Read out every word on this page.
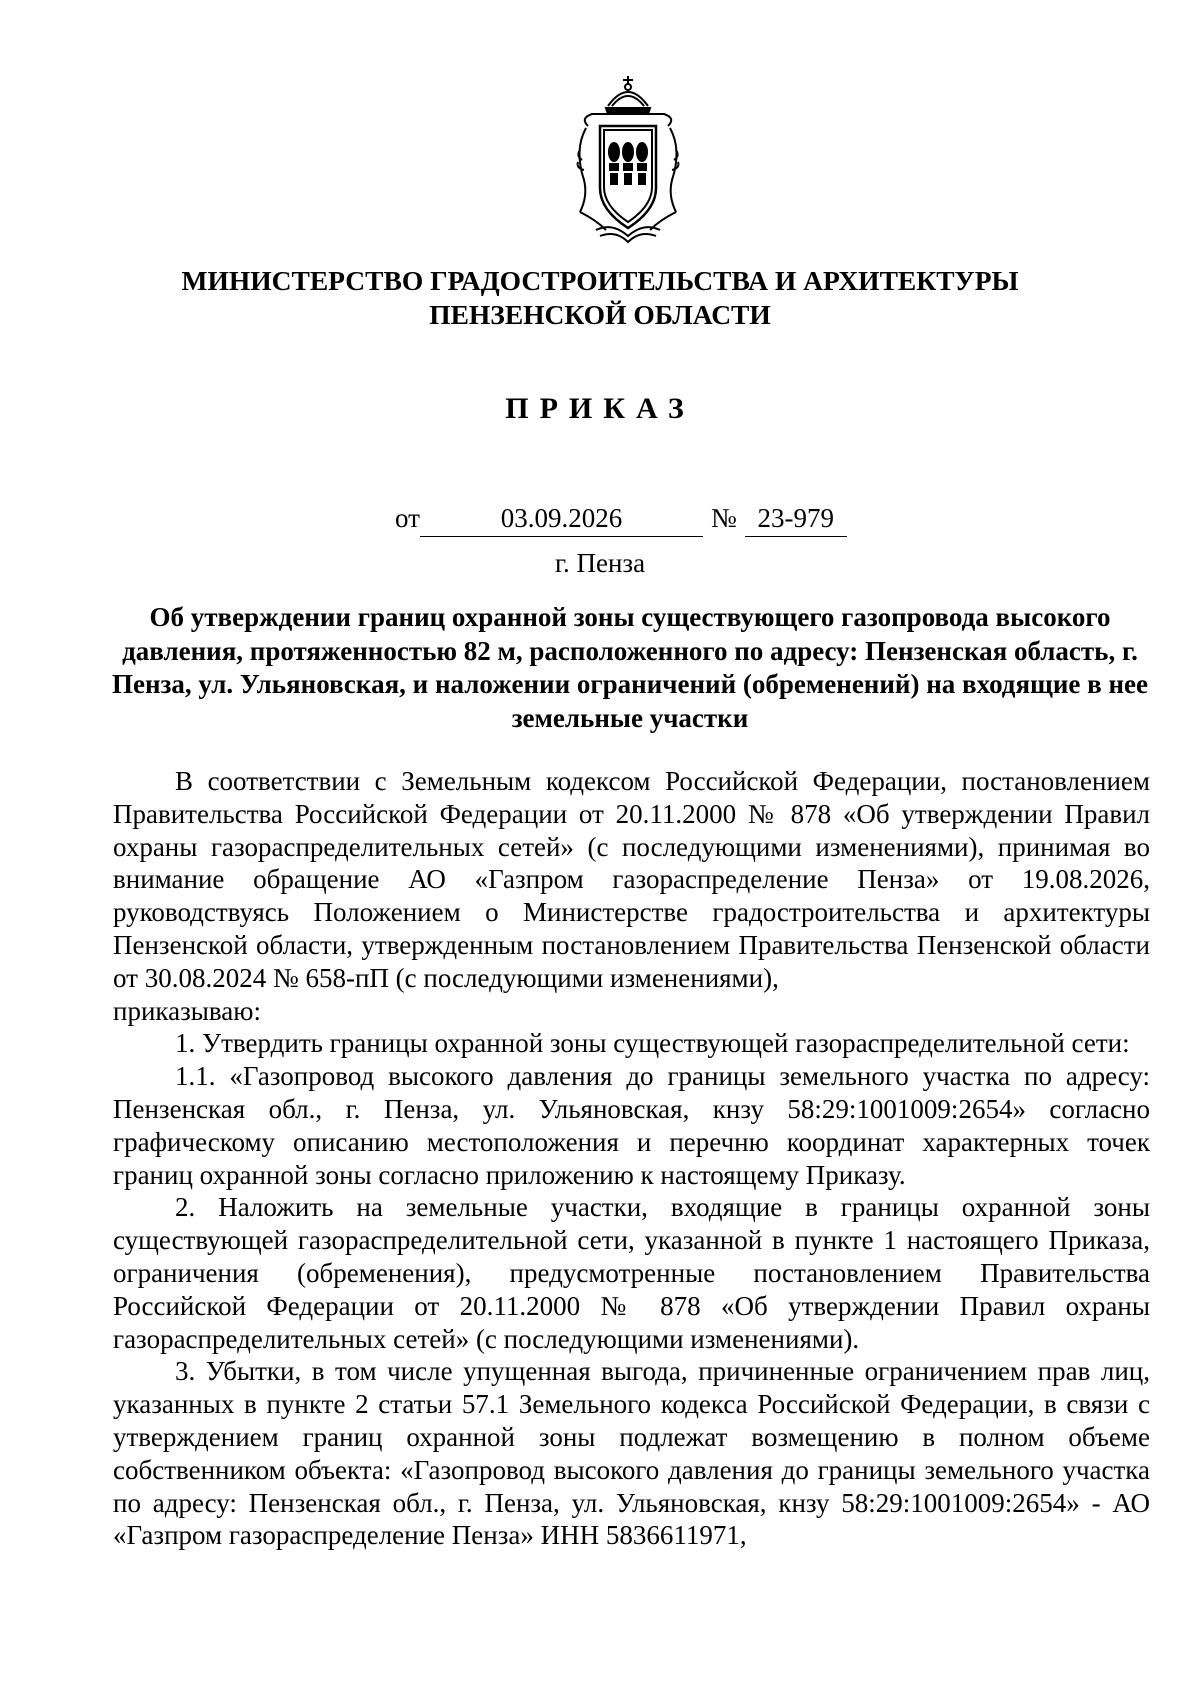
МИНИСТЕРСТВО ГРАДОСТРОИТЕЛЬСТВА И АРХИТЕКТУРЫ
ПЕНЗЕНСКОЙ ОБЛАСТИ
ПРИКАЗ
от	03.09.2026	№ 23-979
г. Пенза
Об утверждении границ охранной зоны существующего газопровода высокого давления, протяженностью 82 м, расположенного по адресу: Пензенская область, г. Пенза, ул. Ульяновская, и наложении ограничений (обременений) на входящие в нее земельные участки

В соответствии с Земельным кодексом Российской Федерации, постановлением Правительства Российской Федерации от 20.11.2000 № 878 «Об утверждении Правил охраны газораспределительных сетей» (с последующими изменениями), принимая во внимание обращение АО «Газпром газораспределение Пенза» от 19.08.2026, руководствуясь Положением о Министерстве градостроительства и архитектуры Пензенской области, утвержденным постановлением Правительства Пензенской области от 30.08.2024 № 658-пП (с последующими изменениями),

приказываю:

1. Утвердить границы охранной зоны существующей газораспределительной сети:

1.1. «Газопровод высокого давления до границы земельного участка по адресу: Пензенская обл., г. Пенза, ул. Ульяновская, кнзу 58:29:1001009:2654» согласно графическому описанию местоположения и перечню координат характерных точек границ охранной зоны согласно приложению к настоящему Приказу.

2. Наложить на земельные участки, входящие в границы охранной зоны существующей газораспределительной сети, указанной в пункте 1 настоящего Приказа, ограничения (обременения), предусмотренные постановлением Правительства Российской Федерации от 20.11.2000 № 878 «Об утверждении Правил охраны газораспределительных сетей» (с последующими изменениями).

3. Убытки, в том числе упущенная выгода, причиненные ограничением прав лиц, указанных в пункте 2 статьи 57.1 Земельного кодекса Российской Федерации, в связи с утверждением границ охранной зоны подлежат возмещению в полном объеме собственником объекта: «Газопровод высокого давления до границы земельного участка по адресу: Пензенская обл., г. Пенза, ул. Ульяновская, кнзу 58:29:1001009:2654» - АО «Газпром газораспределение Пенза» ИНН 5836611971,
